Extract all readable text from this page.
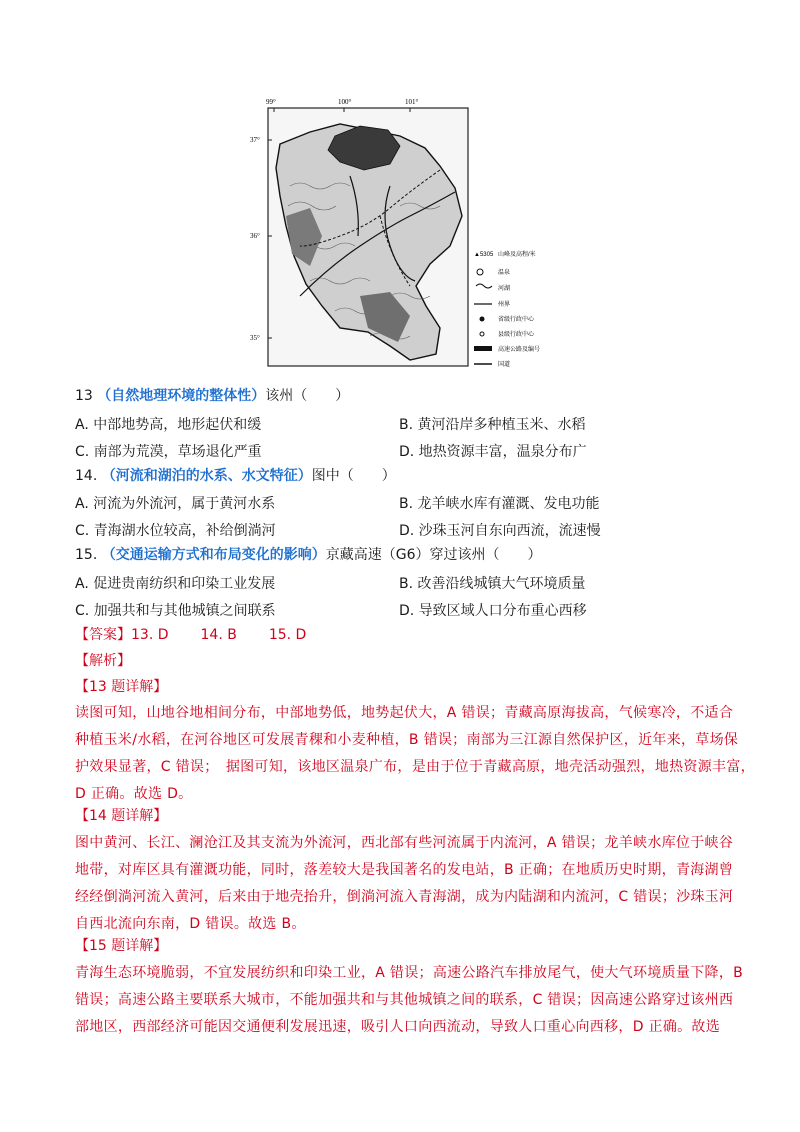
99°	100°	101°
37°
36°
35°
▲5305 山峰及高程/米
温泉
河湖
州界
省级行政中心
县级行政中心
高速公路及编号
国道
13 （自然地理环境的整体性）该州（　　）
A. 中部地势高，地形起伏和缓	B. 黄河沿岸多种植玉米、水稻
C. 南部为荒漠，草场退化严重	D. 地热资源丰富，温泉分布广
14. （河流和湖泊的水系、水文特征）图中（　　）
A. 河流为外流河，属于黄河水系	B. 龙羊峡水库有灌溉、发电功能
C. 青海湖水位较高，补给倒淌河	D. 沙珠玉河自东向西流，流速慢
15. （交通运输方式和布局变化的影响）京藏高速（G6）穿过该州（　　）
A. 促进贵南纺织和印染工业发展	B. 改善沿线城镇大气环境质量
C. 加强共和与其他城镇之间联系	D. 导致区域人口分布重心西移
【答案】13. D 14. B 15. D
【解析】
【13 题详解】
读图可知，山地谷地相间分布，中部地势低，地势起伏大，A 错误；青藏高原海拔高，气候寒冷，不适合
种植玉米/水稻，在河谷地区可发展青稞和小麦种植，B 错误；南部为三江源自然保护区，近年来，草场保
护效果显著，C 错误；　据图可知，该地区温泉广布，是由于位于青藏高原，地壳活动强烈，地热资源丰富，
D 正确。故选 D。
【14 题详解】
图中黄河、长江、澜沧江及其支流为外流河，西北部有些河流属于内流河，A 错误；龙羊峡水库位于峡谷
地带，对库区具有灌溉功能，同时，落差较大是我国著名的发电站，B 正确；在地质历史时期，青海湖曾
经经倒淌河流入黄河，后来由于地壳抬升，倒淌河流入青海湖，成为内陆湖和内流河，C 错误；沙珠玉河
自西北流向东南，D 错误。故选 B。
【15 题详解】
青海生态环境脆弱，不宜发展纺织和印染工业，A 错误；高速公路汽车排放尾气，使大气环境质量下降，B
错误；高速公路主要联系大城市，不能加强共和与其他城镇之间的联系，C 错误；因高速公路穿过该州西
部地区，西部经济可能因交通便利发展迅速，吸引人口向西流动，导致人口重心向西移，D 正确。故选
